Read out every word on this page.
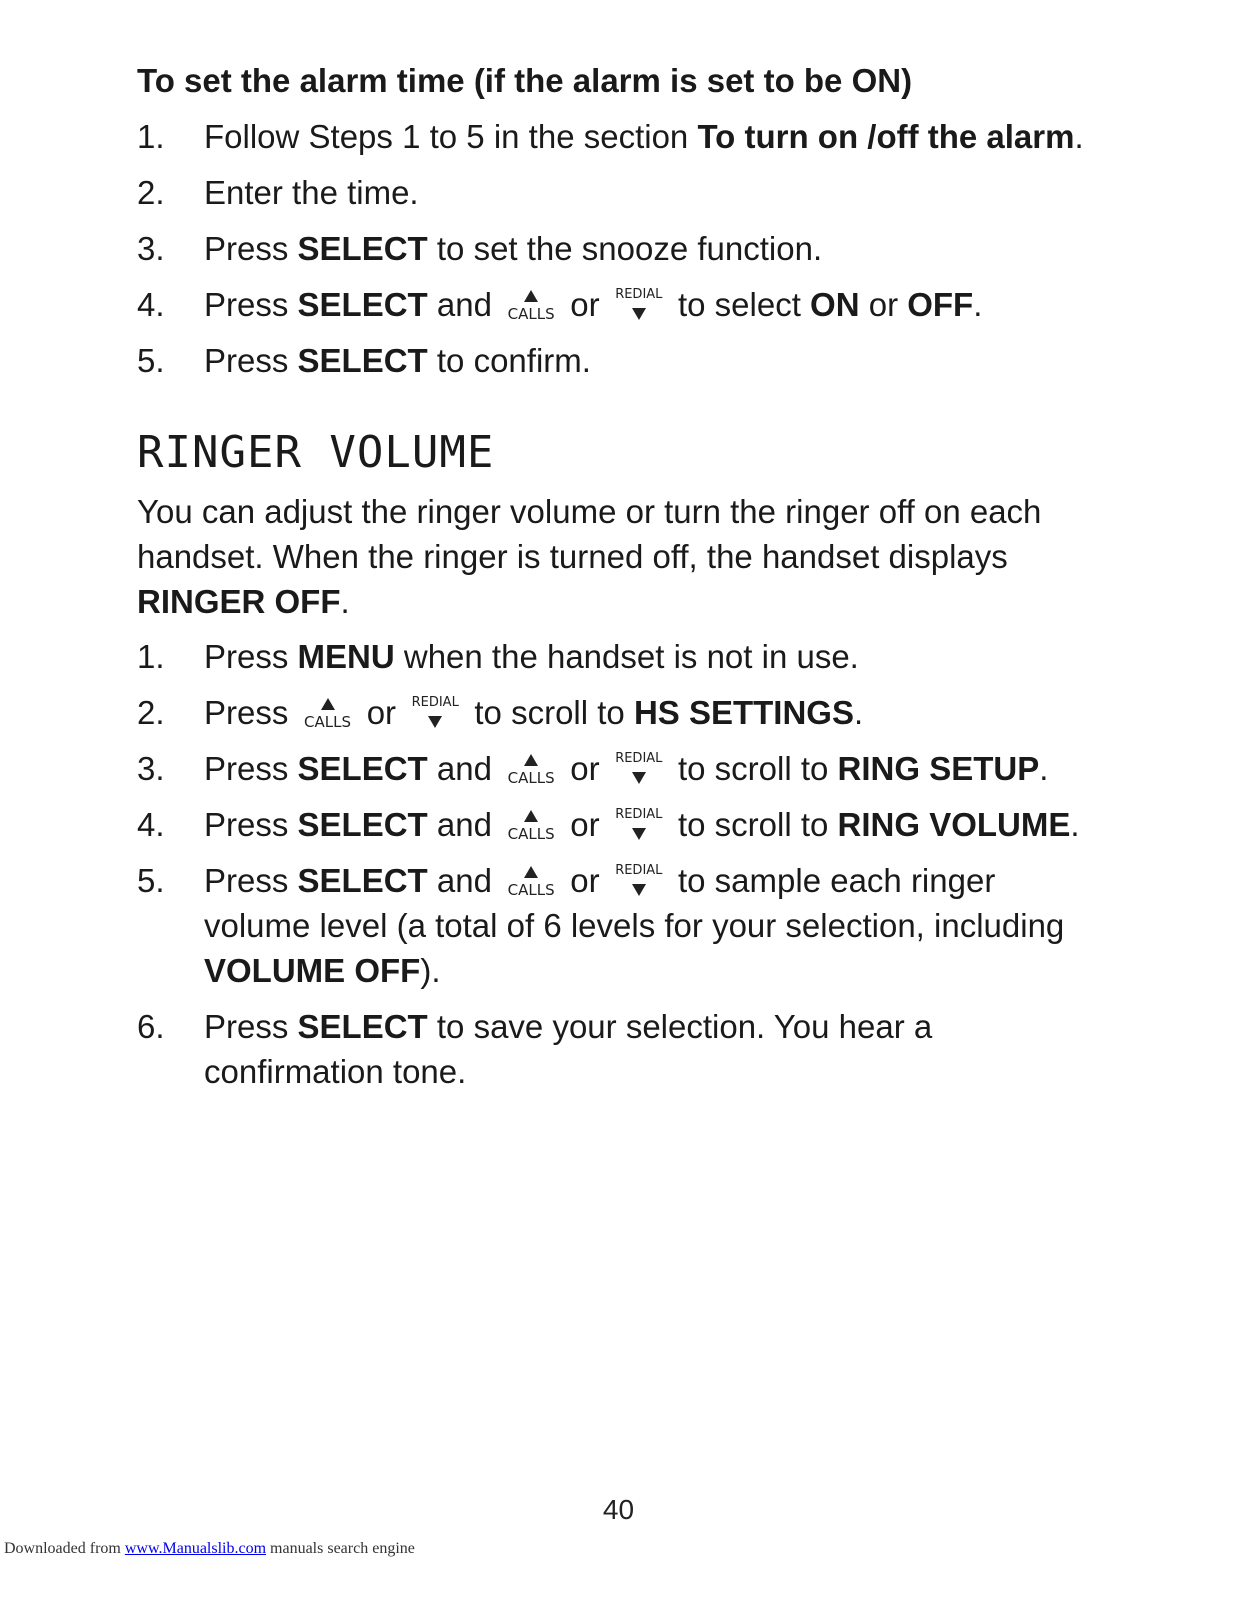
To set the alarm time (if the alarm is set to be ON)
1. Follow Steps 1 to 5 in the section To turn on /off the alarm.
2. Enter the time.
3. Press SELECT to set the snooze function.
4. Press SELECT and CALLS or REDIAL to select ON or OFF.
5. Press SELECT to confirm.
RINGER VOLUME

You can adjust the ringer volume or turn the ringer off on each handset. When the ringer is turned off, the handset displays RINGER OFF.

1. Press MENU when the handset is not in use.
2. Press CALLS or REDIAL to scroll to HS SETTINGS.
3. Press SELECT and CALLS or REDIAL to scroll to RING SETUP.
4. Press SELECT and CALLS or REDIAL to scroll to RING VOLUME.
5. Press SELECT and CALLS or REDIAL to sample each ringer volume level (a total of 6 levels for your selection, including VOLUME OFF).
6. Press SELECT to save your selection. You hear a confirmation tone.
40
Downloaded from www.Manualslib.com manuals search engine
